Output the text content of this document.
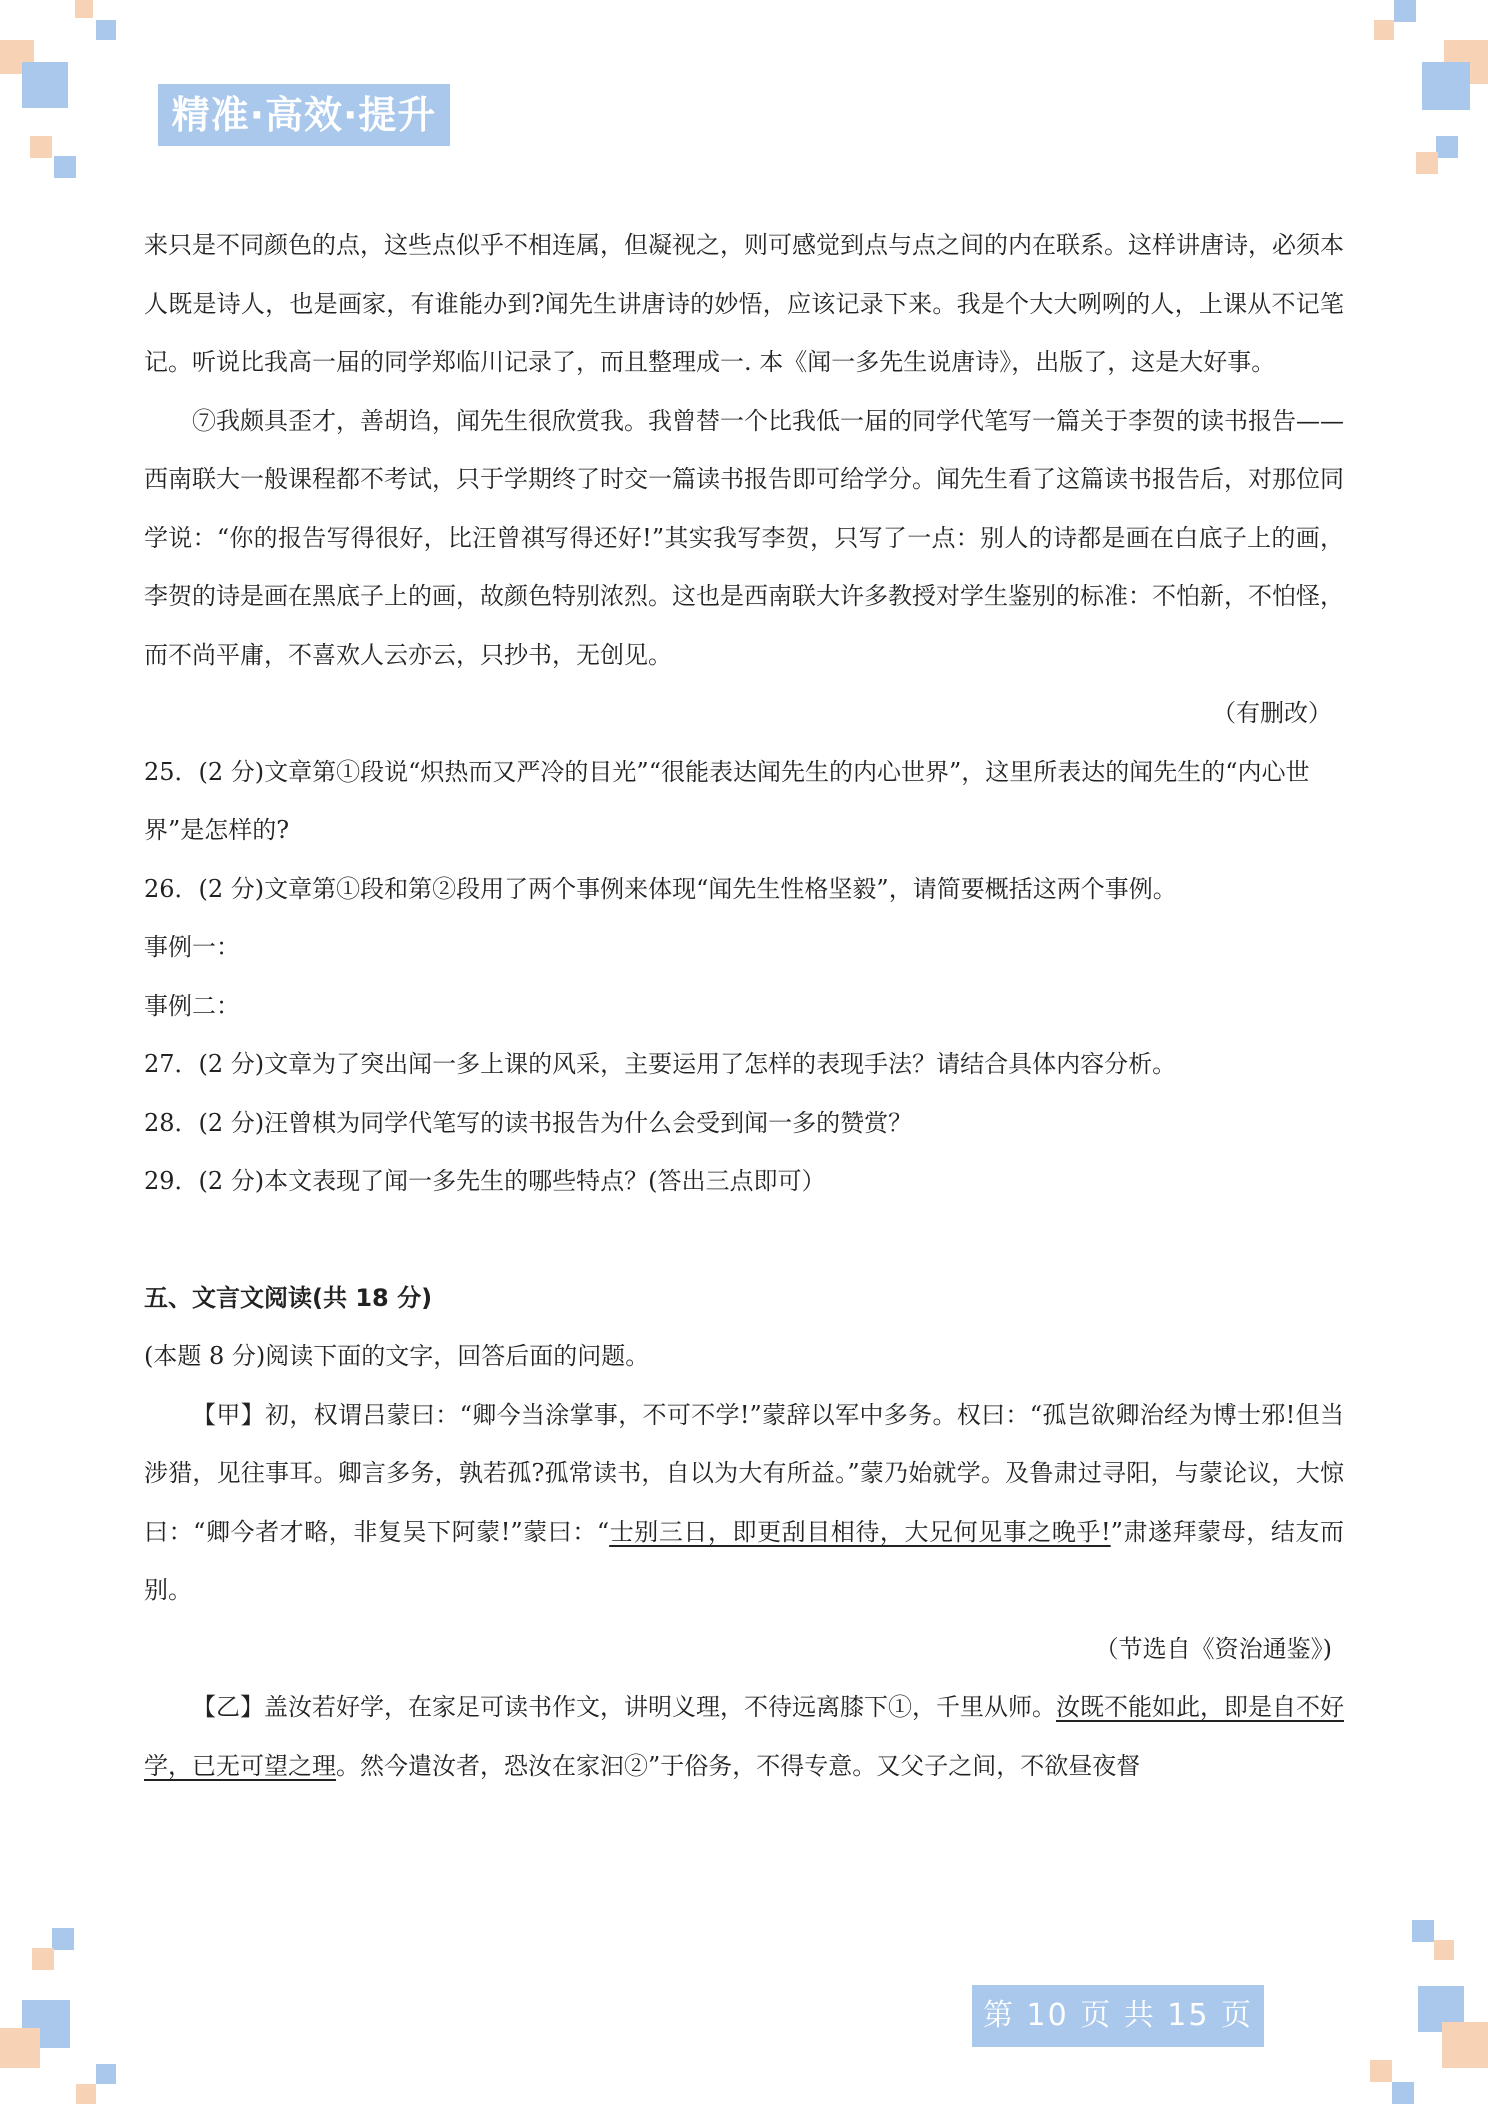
精准·高效·提升

来只是不同颜色的点，这些点似乎不相连属，但凝视之，则可感觉到点与点之间的内在联系。这样讲唐诗，必须本人既是诗人，也是画家，有谁能办到?闻先生讲唐诗的妙悟，应该记录下来。我是个大大咧咧的人，上课从不记笔记。听说比我高一届的同学郑临川记录了，而且整理成一. 本《闻一多先生说唐诗》，出版了，这是大好事。

⑦我颇具歪才，善胡诌，闻先生很欣赏我。我曾替一个比我低一届的同学代笔写一篇关于李贺的读书报告——西南联大一般课程都不考试，只于学期终了时交一篇读书报告即可给学分。闻先生看了这篇读书报告后，对那位同学说：“你的报告写得很好，比汪曾祺写得还好!”其实我写李贺，只写了一点：别人的诗都是画在白底子上的画，李贺的诗是画在黑底子上的画，故颜色特别浓烈。这也是西南联大许多教授对学生鉴别的标准：不怕新，不怕怪，而不尚平庸，不喜欢人云亦云，只抄书，无创见。

（有删改）

25．(2 分)文章第①段说“炽热而又严冷的目光”“很能表达闻先生的内心世界”，这里所表达的闻先生的“内心世界”是怎样的?

26．(2 分)文章第①段和第②段用了两个事例来体现“闻先生性格坚毅”，请简要概括这两个事例。

事例一：

事例二：

27．(2 分)文章为了突出闻一多上课的风采，主要运用了怎样的表现手法？请结合具体内容分析。

28．(2 分)汪曾棋为同学代笔写的读书报告为什么会受到闻一多的赞赏？

29．(2 分)本文表现了闻一多先生的哪些特点？(答出三点即可）

五、文言文阅读(共 18 分)

(本题 8 分)阅读下面的文字，回答后面的问题。

【甲】初，权谓吕蒙曰：“卿今当涂掌事，不可不学!”蒙辞以军中多务。权曰：“孤岂欲卿治经为博士邪!但当涉猎，见往事耳。卿言多务，孰若孤?孤常读书，自以为大有所益。”蒙乃始就学。及鲁肃过寻阳，与蒙论议，大惊曰：“卿今者才略，非复吴下阿蒙!”蒙曰：“士别三日，即更刮目相待，大兄何见事之晚乎!”肃遂拜蒙母，结友而别。

（节选自《资治通鉴》)

【乙】盖汝若好学，在家足可读书作文，讲明义理，不待远离膝下①，千里从师。汝既不能如此，即是自不好学，已无可望之理。然今遣汝者，恐汝在家汩②”于俗务，不得专意。又父子之间，不欲昼夜督

第 10 页 共 15 页
